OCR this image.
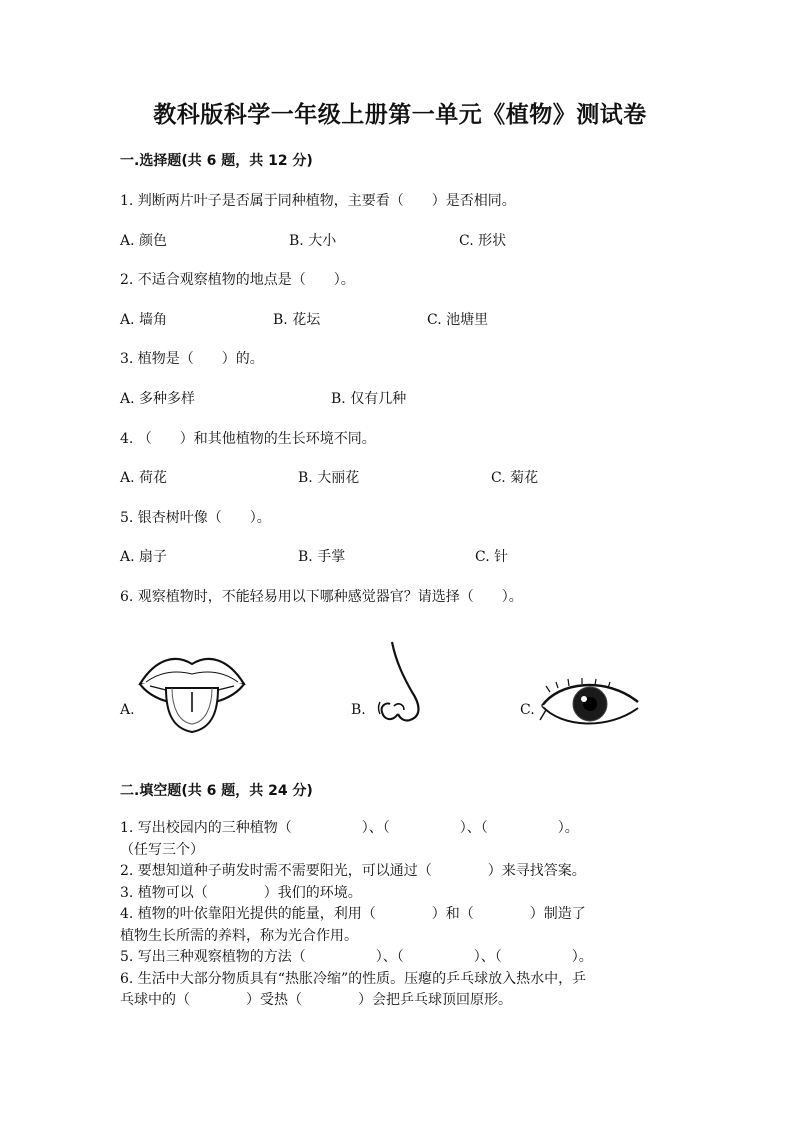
教科版科学一年级上册第一单元《植物》测试卷
一.选择题(共 6 题，共 12 分)
1. 判断两片叶子是否属于同种植物，主要看（　　）是否相同。
A. 颜色	B. 大小	C. 形状
2. 不适合观察植物的地点是（　　）。
A. 墙角	B. 花坛	C. 池塘里
3. 植物是（　　）的。
A. 多种多样	B. 仅有几种
4. （　　）和其他植物的生长环境不同。
A. 荷花	B. 大丽花	C. 菊花
5. 银杏树叶像（　　）。
A. 扇子	B. 手掌	C. 针
6. 观察植物时，不能轻易用以下哪种感觉器官？请选择（　　）。
A.	B.	C.
二.填空题(共 6 题，共 24 分)
1. 写出校园内的三种植物（　　　　　）、（　　　　　）、（　　　　　）。
（任写三个）
2. 要想知道种子萌发时需不需要阳光，可以通过（　　　　）来寻找答案。
3. 植物可以（　　　　）我们的环境。
4. 植物的叶依靠阳光提供的能量，利用（　　　　）和（　　　　）制造了
植物生长所需的养料，称为光合作用。
5. 写出三种观察植物的方法（　　　　　）、（　　　　　）、（　　　　　）。
6. 生活中大部分物质具有“热胀冷缩”的性质。压瘪的乒乓球放入热水中，乒
乓球中的（　　　　）受热（　　　　）会把乒乓球顶回原形。
